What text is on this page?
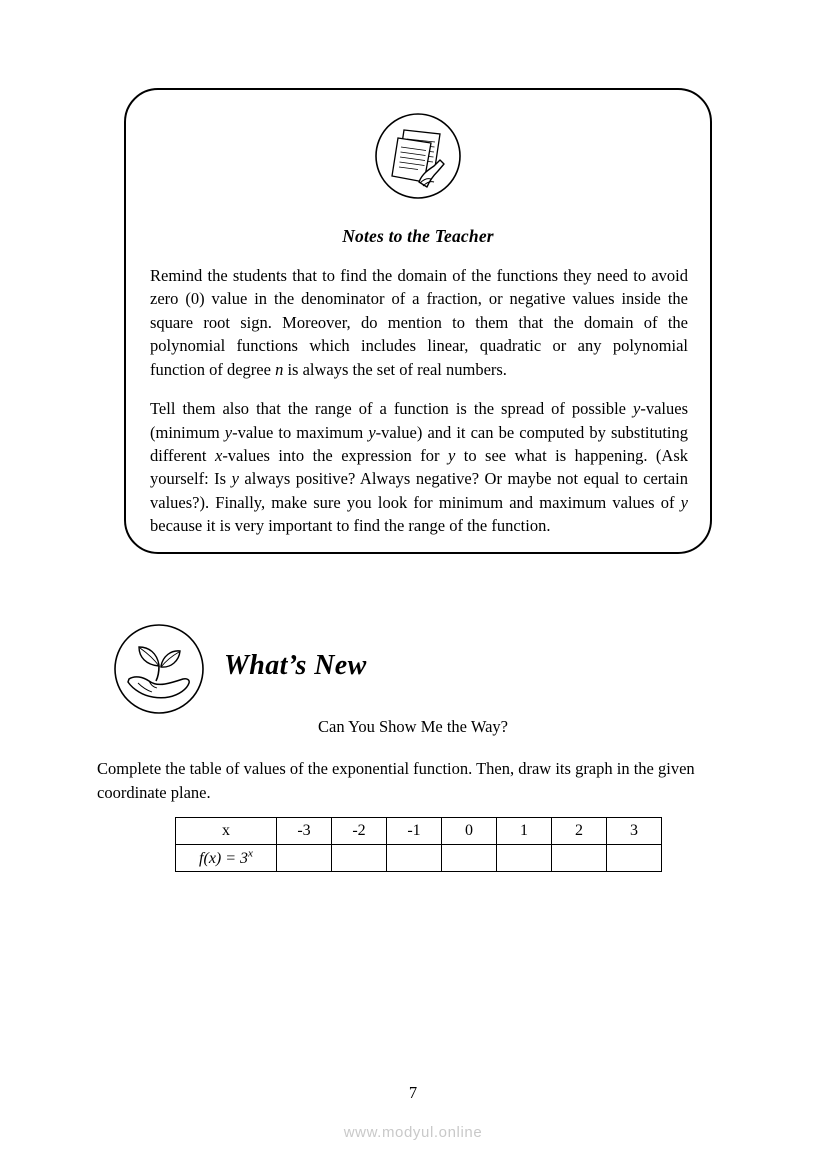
Notes to the Teacher

Remind the students that to find the domain of the functions they need to avoid zero (0) value in the denominator of a fraction, or negative values inside the square root sign. Moreover, do mention to them that the domain of the polynomial functions which includes linear, quadratic or any polynomial function of degree n is always the set of real numbers.

Tell them also that the range of a function is the spread of possible y-values (minimum y-value to maximum y-value) and it can be computed by substituting different x-values into the expression for y to see what is happening. (Ask yourself: Is y always positive? Always negative? Or maybe not equal to certain values?). Finally, make sure you look for minimum and maximum values of y because it is very important to find the range of the function.

What’s New
Can You Show Me the Way?
Complete the table of values of the exponential function. Then, draw its graph in the given coordinate plane.
x	-3	-2	-1	0	1	2	3
$f(x) = 3^x$							
7
www.modyul.online
